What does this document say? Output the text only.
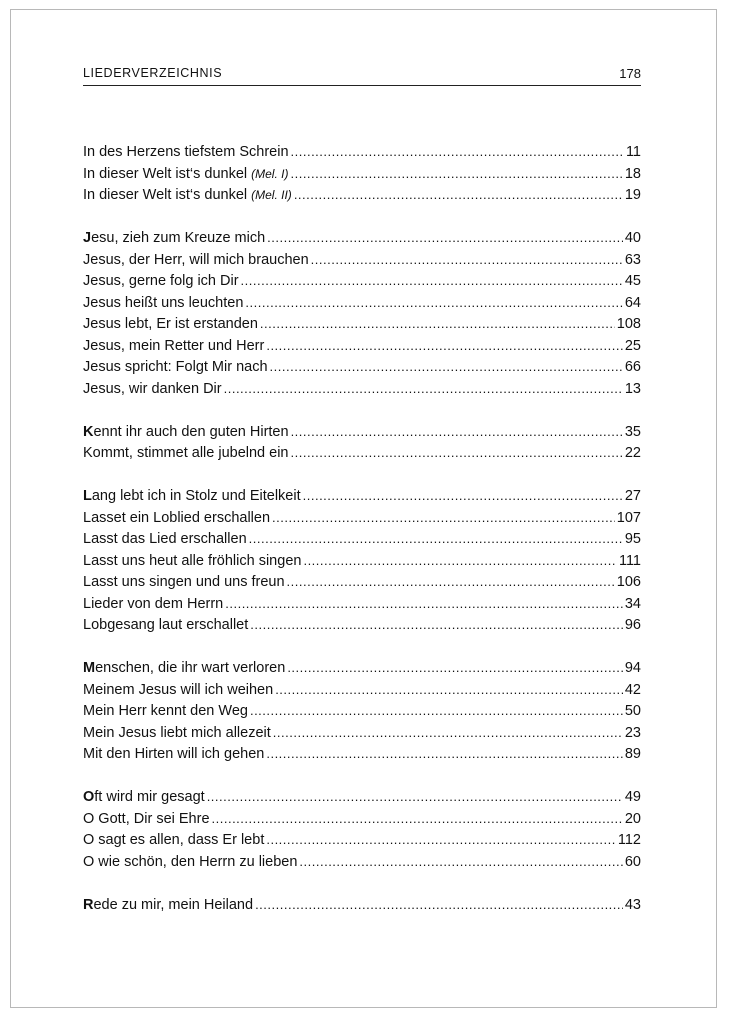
LIEDERVERZEICHNIS	178
In des Herzens tiefstem Schrein .....	11
In dieser Welt ist‘s dunkel (Mel. I) .....	18
In dieser Welt ist‘s dunkel (Mel. II) .....	19
Jesu, zieh zum Kreuze mich .....	40
Jesus, der Herr, will mich brauchen .....	63
Jesus, gerne folg ich Dir .....	45
Jesus heißt uns leuchten .....	64
Jesus lebt, Er ist erstanden .....	108
Jesus, mein Retter und Herr .....	25
Jesus spricht: Folgt Mir nach .....	66
Jesus, wir danken Dir .....	13
Kennt ihr auch den guten Hirten .....	35
Kommt, stimmet alle jubelnd ein .....	22
Lang lebt ich in Stolz und Eitelkeit .....	27
Lasset ein Loblied erschallen .....	107
Lasst das Lied erschallen .....	95
Lasst uns heut alle fröhlich singen .....	111
Lasst uns singen und uns freun .....	106
Lieder von dem Herrn .....	34
Lobgesang laut erschallet .....	96
Menschen, die ihr wart verloren .....	94
Meinem Jesus will ich weihen .....	42
Mein Herr kennt den Weg .....	50
Mein Jesus liebt mich allezeit .....	23
Mit den Hirten will ich gehen .....	89
Oft wird mir gesagt .....	49
O Gott, Dir sei Ehre .....	20
O sagt es allen, dass Er lebt .....	112
O wie schön, den Herrn zu lieben .....	60
Rede zu mir, mein Heiland .....	43
